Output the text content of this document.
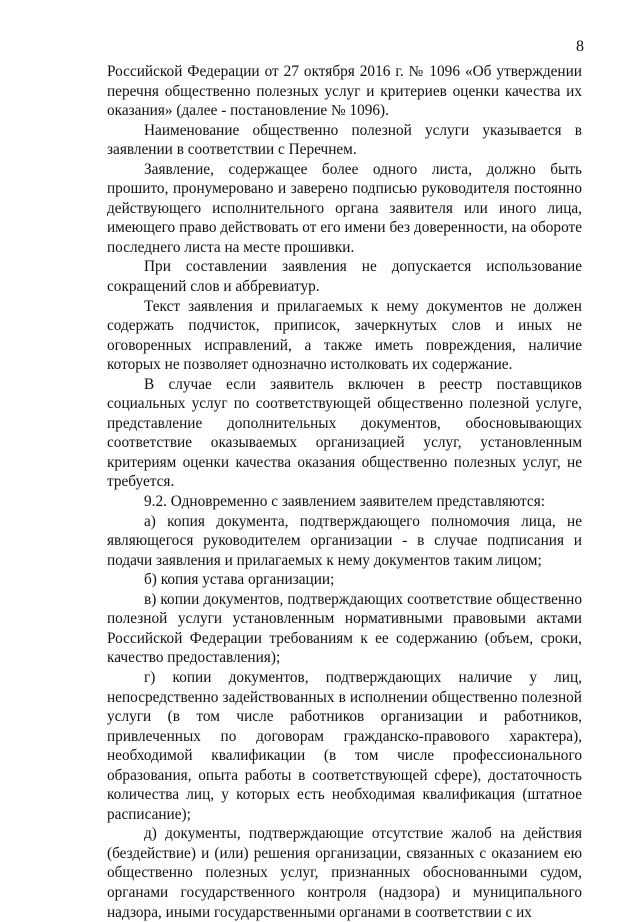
8

Российской Федерации от 27 октября 2016 г. № 1096 «Об утверждении перечня общественно полезных услуг и критериев оценки качества их оказания» (далее - постановление № 1096).

Наименование общественно полезной услуги указывается в заявлении в соответствии с Перечнем.

Заявление, содержащее более одного листа, должно быть прошито, пронумеровано и заверено подписью руководителя постоянно действующего исполнительного органа заявителя или иного лица, имеющего право действовать от его имени без доверенности, на обороте последнего листа на месте прошивки.

При составлении заявления не допускается использование сокращений слов и аббревиатур.

Текст заявления и прилагаемых к нему документов не должен содержать подчисток, приписок, зачеркнутых слов и иных не оговоренных исправлений, а также иметь повреждения, наличие которых не позволяет однозначно истолковать их содержание.

В случае если заявитель включен в реестр поставщиков социальных услуг по соответствующей общественно полезной услуге, представление дополнительных документов, обосновывающих соответствие оказываемых организацией услуг, установленным критериям оценки качества оказания общественно полезных услуг, не требуется.

9.2. Одновременно с заявлением заявителем представляются:

а) копия документа, подтверждающего полномочия лица, не являющегося руководителем организации - в случае подписания и подачи заявления и прилагаемых к нему документов таким лицом;

б) копия устава организации;

в) копии документов, подтверждающих соответствие общественно полезной услуги установленным нормативными правовыми актами Российской Федерации требованиям к ее содержанию (объем, сроки, качество предоставления);

г) копии документов, подтверждающих наличие у лиц, непосредственно задействованных в исполнении общественно полезной услуги (в том числе работников организации и работников, привлеченных по договорам гражданско-правового характера), необходимой квалификации (в том числе профессионального образования, опыта работы в соответствующей сфере), достаточность количества лиц, у которых есть необходимая квалификация (штатное расписание);

д) документы, подтверждающие отсутствие жалоб на действия (бездействие) и (или) решения организации, связанных с оказанием ею общественно полезных услуг, признанных обоснованными судом, органами государственного контроля (надзора) и муниципального надзора, иными государственными органами в соответствии с их
